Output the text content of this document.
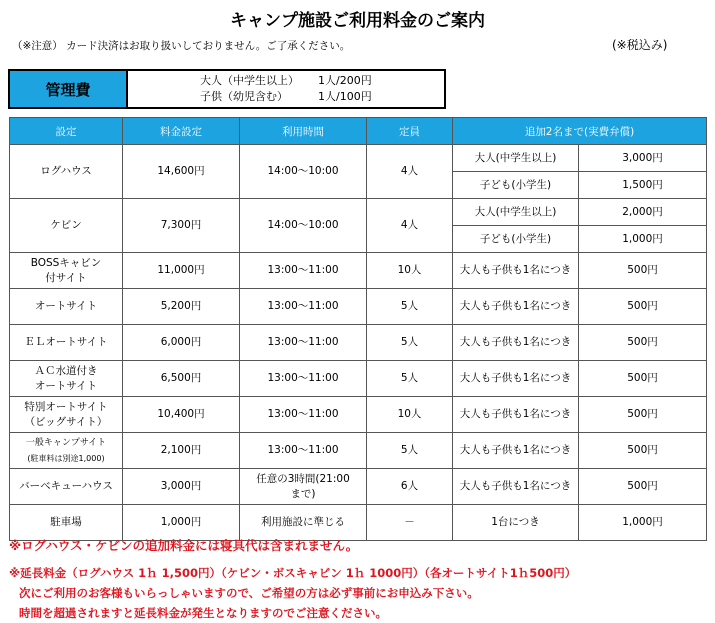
キャンプ施設ご利用料金のご案内
（※注意） カード決済はお取り扱いしておりません。ご了承ください。	(※税込み)
管理費	大人（中学生以上） 1人/200円
子供（幼児含む）	1人/100円
設定	料金設定	利用時間	定員	追加2名まで(実費弁償)	
ログハウス	14,600円	14:00〜10:00	4人	大人(中学生以上)	3,000円
				子ども(小学生)	1,500円
ケビン	7,300円	14:00〜10:00	4人	大人(中学生以上)	2,000円
				子ども(小学生)	1,000円

BOSSキャビン
付サイト	11,000円	13:00〜11:00	10人	大人も子供も1名につき	500円
オートサイト	5,200円	13:00〜11:00	5人	大人も子供も1名につき	500円
ＥＬオートサイト	6,000円	13:00〜11:00	5人	大人も子供も1名につき	500円

ＡＣ水道付き
オートサイト	6,500円	13:00〜11:00	5人	大人も子供も1名につき	500円

特別オートサイト
（ビッグサイト）	10,400円	13:00〜11:00	10人	大人も子供も1名につき	500円

一般キャンプサイト
(駐車料は別途1,000)	2,100円	13:00〜11:00	5人	大人も子供も1名につき	500円
バーベキューハウス	3,000円	任意の3時間(21:00
まで)	6人	大人も子供も1名につき	500円
駐車場	1,000円	利用施設に準じる	－	1台につき	1,000円
※ログハウス・ケビンの追加料金には寝具代は含まれません。
※延長料金（ログハウス 1ｈ 1,500円）（ケビン・ボスキャビン 1ｈ 1000円）（各オートサイト1ｈ500円）
次にご利用のお客様もいらっしゃいますので、ご希望の方は必ず事前にお申込み下さい。
時間を超過されますと延長料金が発生となりますのでご注意ください。
